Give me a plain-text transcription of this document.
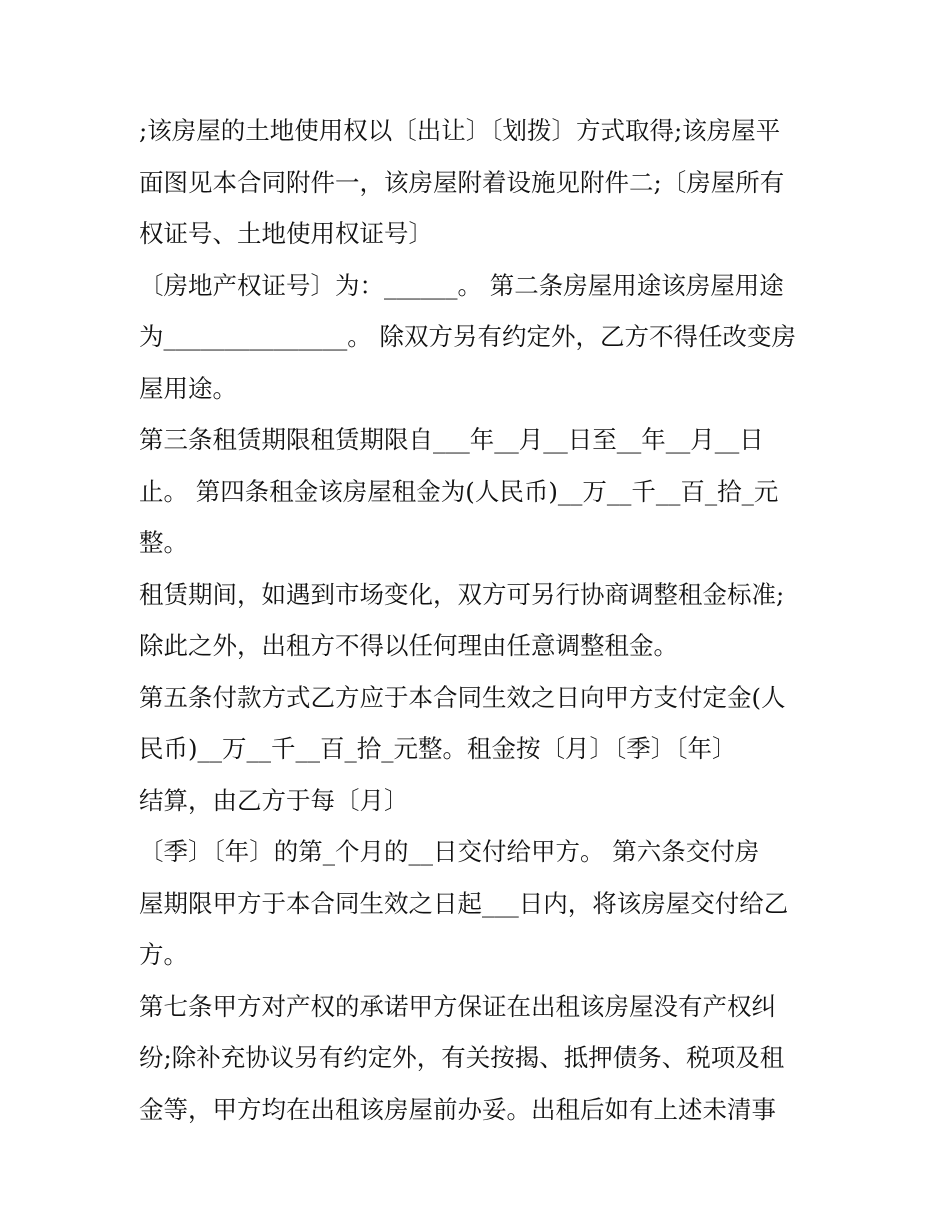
;该房屋的土地使用权以〔出让〕〔划拨〕方式取得;该房屋平
面图见本合同附件一，该房屋附着设施见附件二;〔房屋所有
权证号、土地使用权证号〕
〔房地产权证号〕为：______。 第二条房屋用途该房屋用途
为_______________。 除双方另有约定外，乙方不得任改变房
屋用途。
第三条租赁期限租赁期限自___年__月__日至__年__月__日
止。 第四条租金该房屋租金为(人民币)__万__千__百_拾_元
整。
租赁期间，如遇到市场变化，双方可另行协商调整租金标准;
除此之外，出租方不得以任何理由任意调整租金。
第五条付款方式乙方应于本合同生效之日向甲方支付定金(人
民币)__万__千__百_拾_元整。租金按〔月〕〔季〕〔年〕
结算，由乙方于每〔月〕
〔季〕〔年〕的第_个月的__日交付给甲方。 第六条交付房
屋期限甲方于本合同生效之日起___日内，将该房屋交付给乙
方。
第七条甲方对产权的承诺甲方保证在出租该房屋没有产权纠
纷;除补充协议另有约定外，有关按揭、抵押债务、税项及租
金等，甲方均在出租该房屋前办妥。出租后如有上述未清事
